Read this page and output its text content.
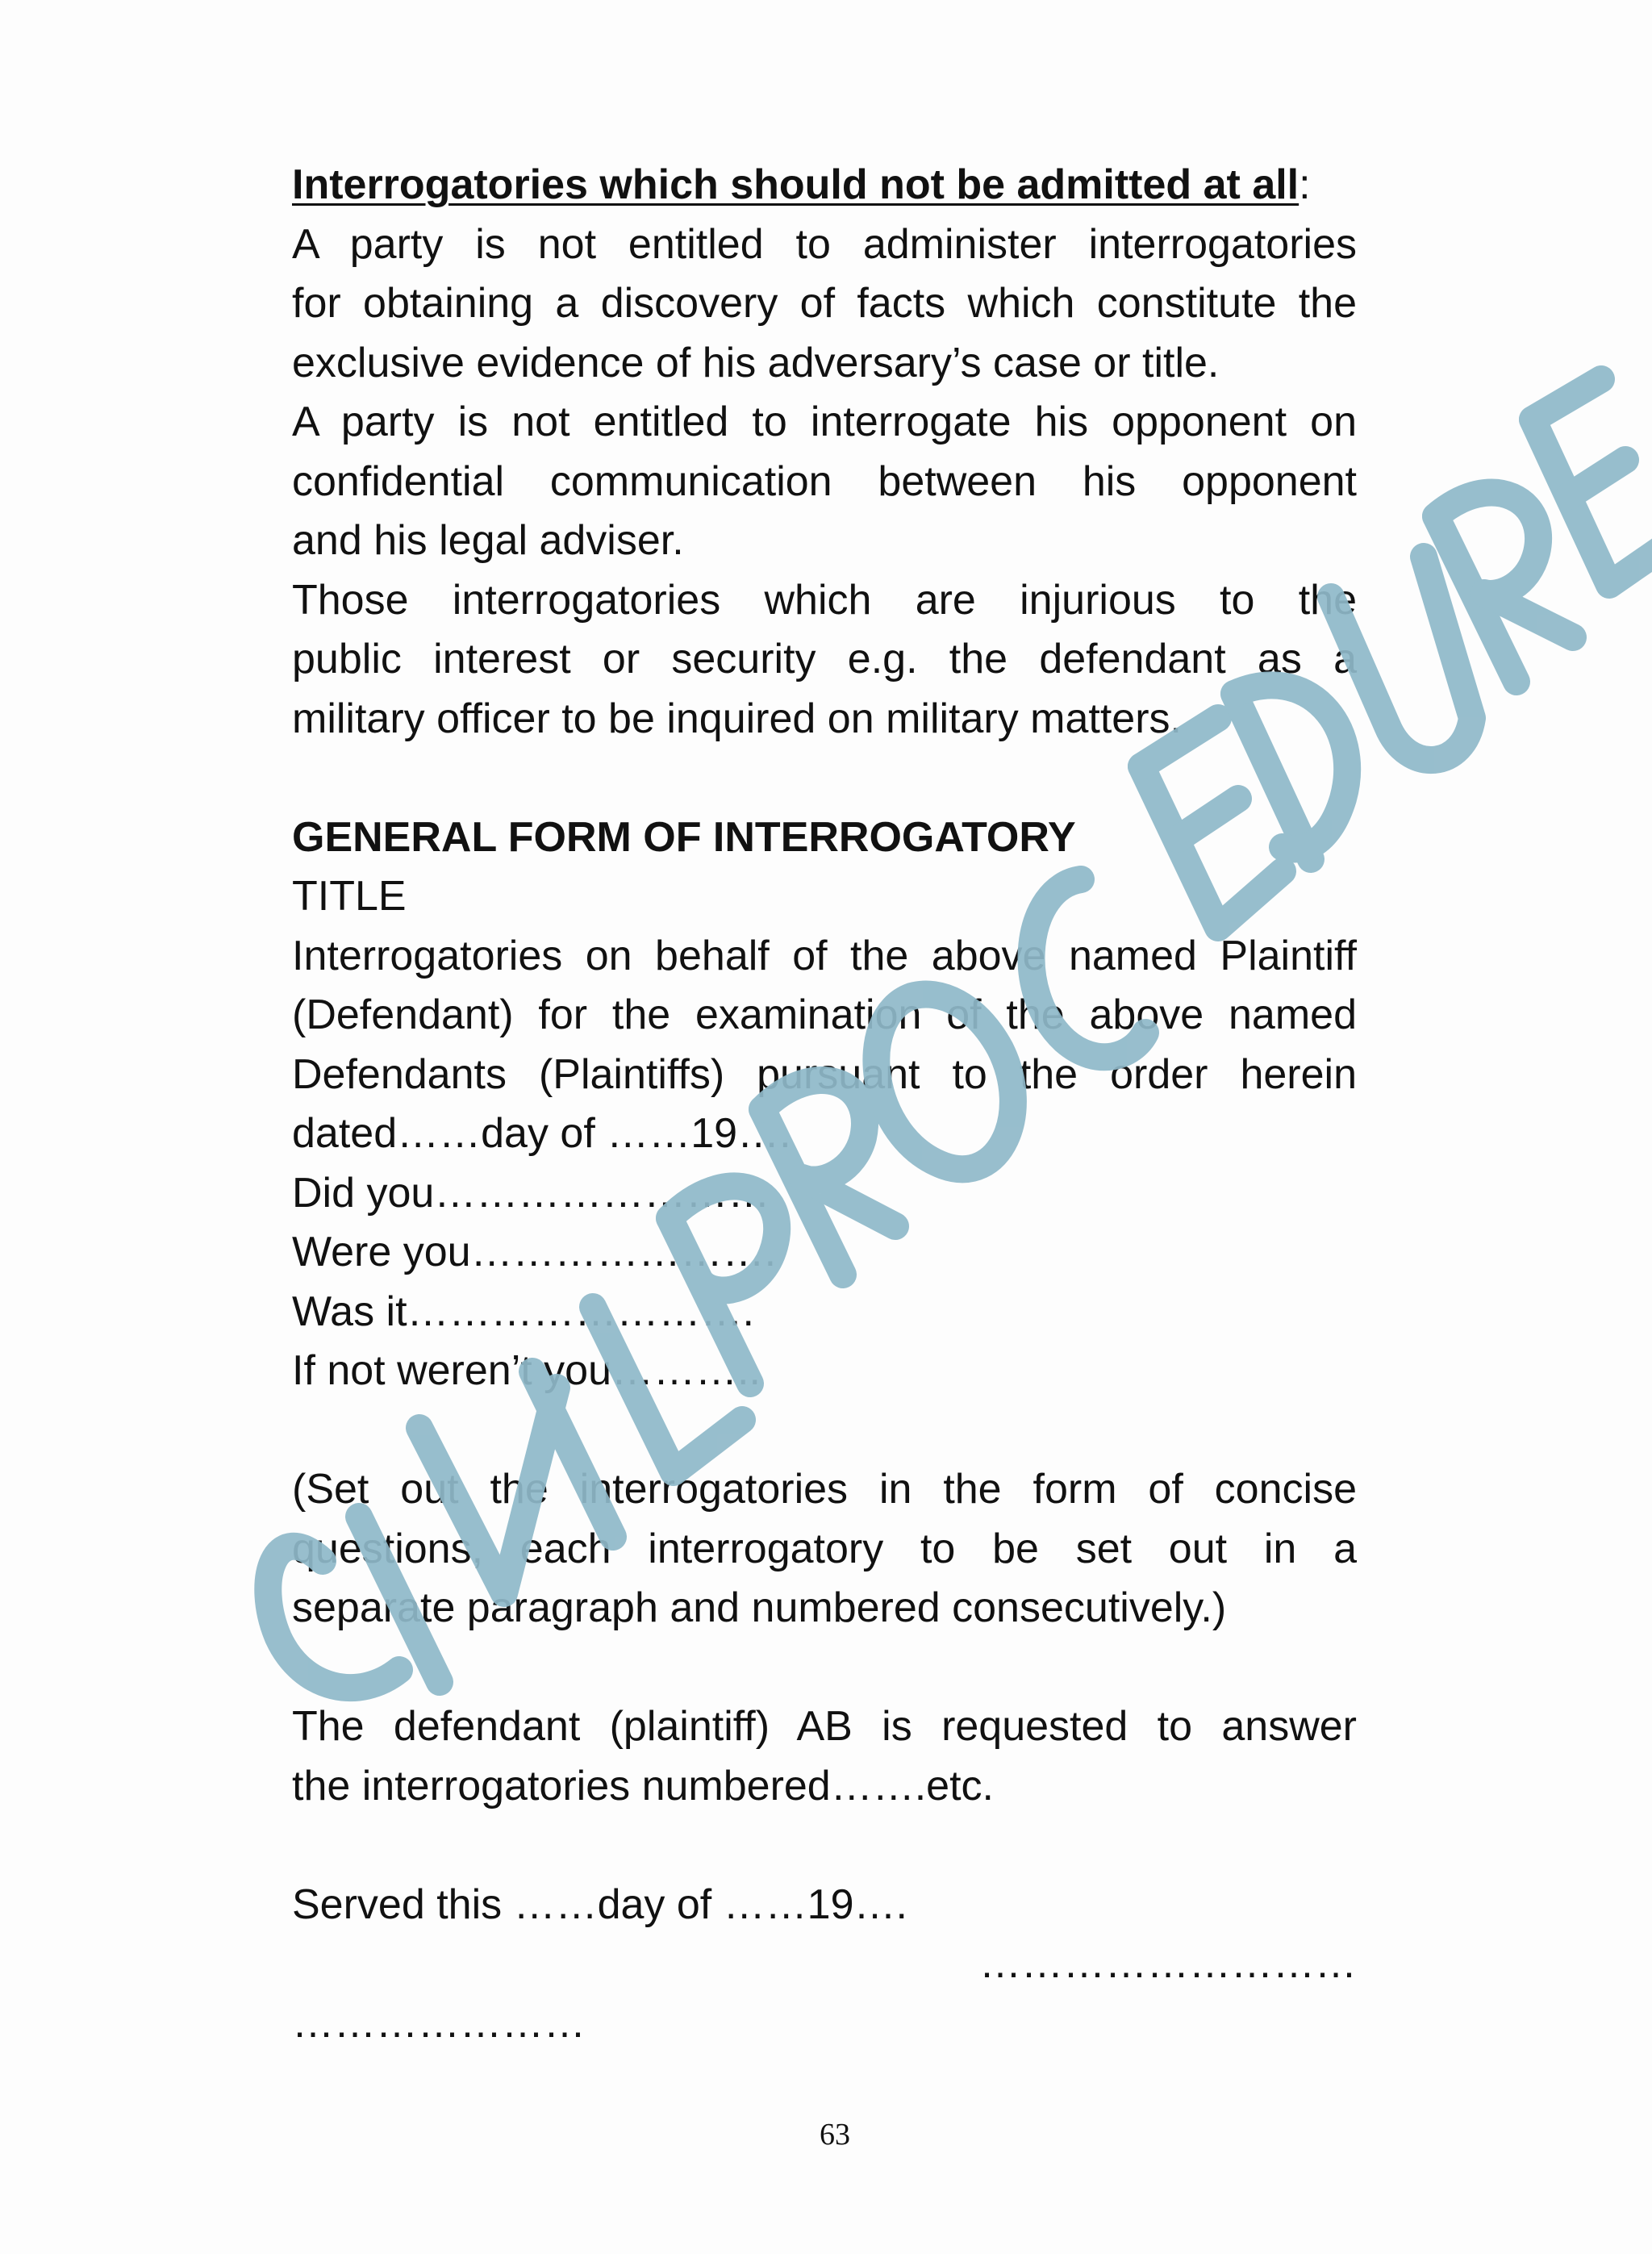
Interrogatories which should not be admitted at all:
A party is not entitled to administer interrogatories
for obtaining a discovery of facts which constitute the
exclusive evidence of his adversary’s case or title.
A party is not entitled to interrogate his opponent on
confidential communication between his opponent
and his legal adviser.
Those interrogatories which are injurious to the
public interest or security e.g. the defendant as a
military officer to be inquired on military matters.
GENERAL FORM OF INTERROGATORY
TITLE
Interrogatories on behalf of the above named Plaintiff
(Defendant) for the examination of the above named
Defendants (Plaintiffs) pursuant to the order herein
dated……day of ……19….
Did you……………………
Were you………………….
Was it…………………….
If not weren’t you………..
(Set out the interrogatories in the form of concise
questions, each interrogatory to be set out in a
separate paragraph and numbered consecutively.)
The defendant (plaintiff) AB is requested to answer
the interrogatories numbered…….etc.
Served this ……day of ……19….
………………………
…………………
63
